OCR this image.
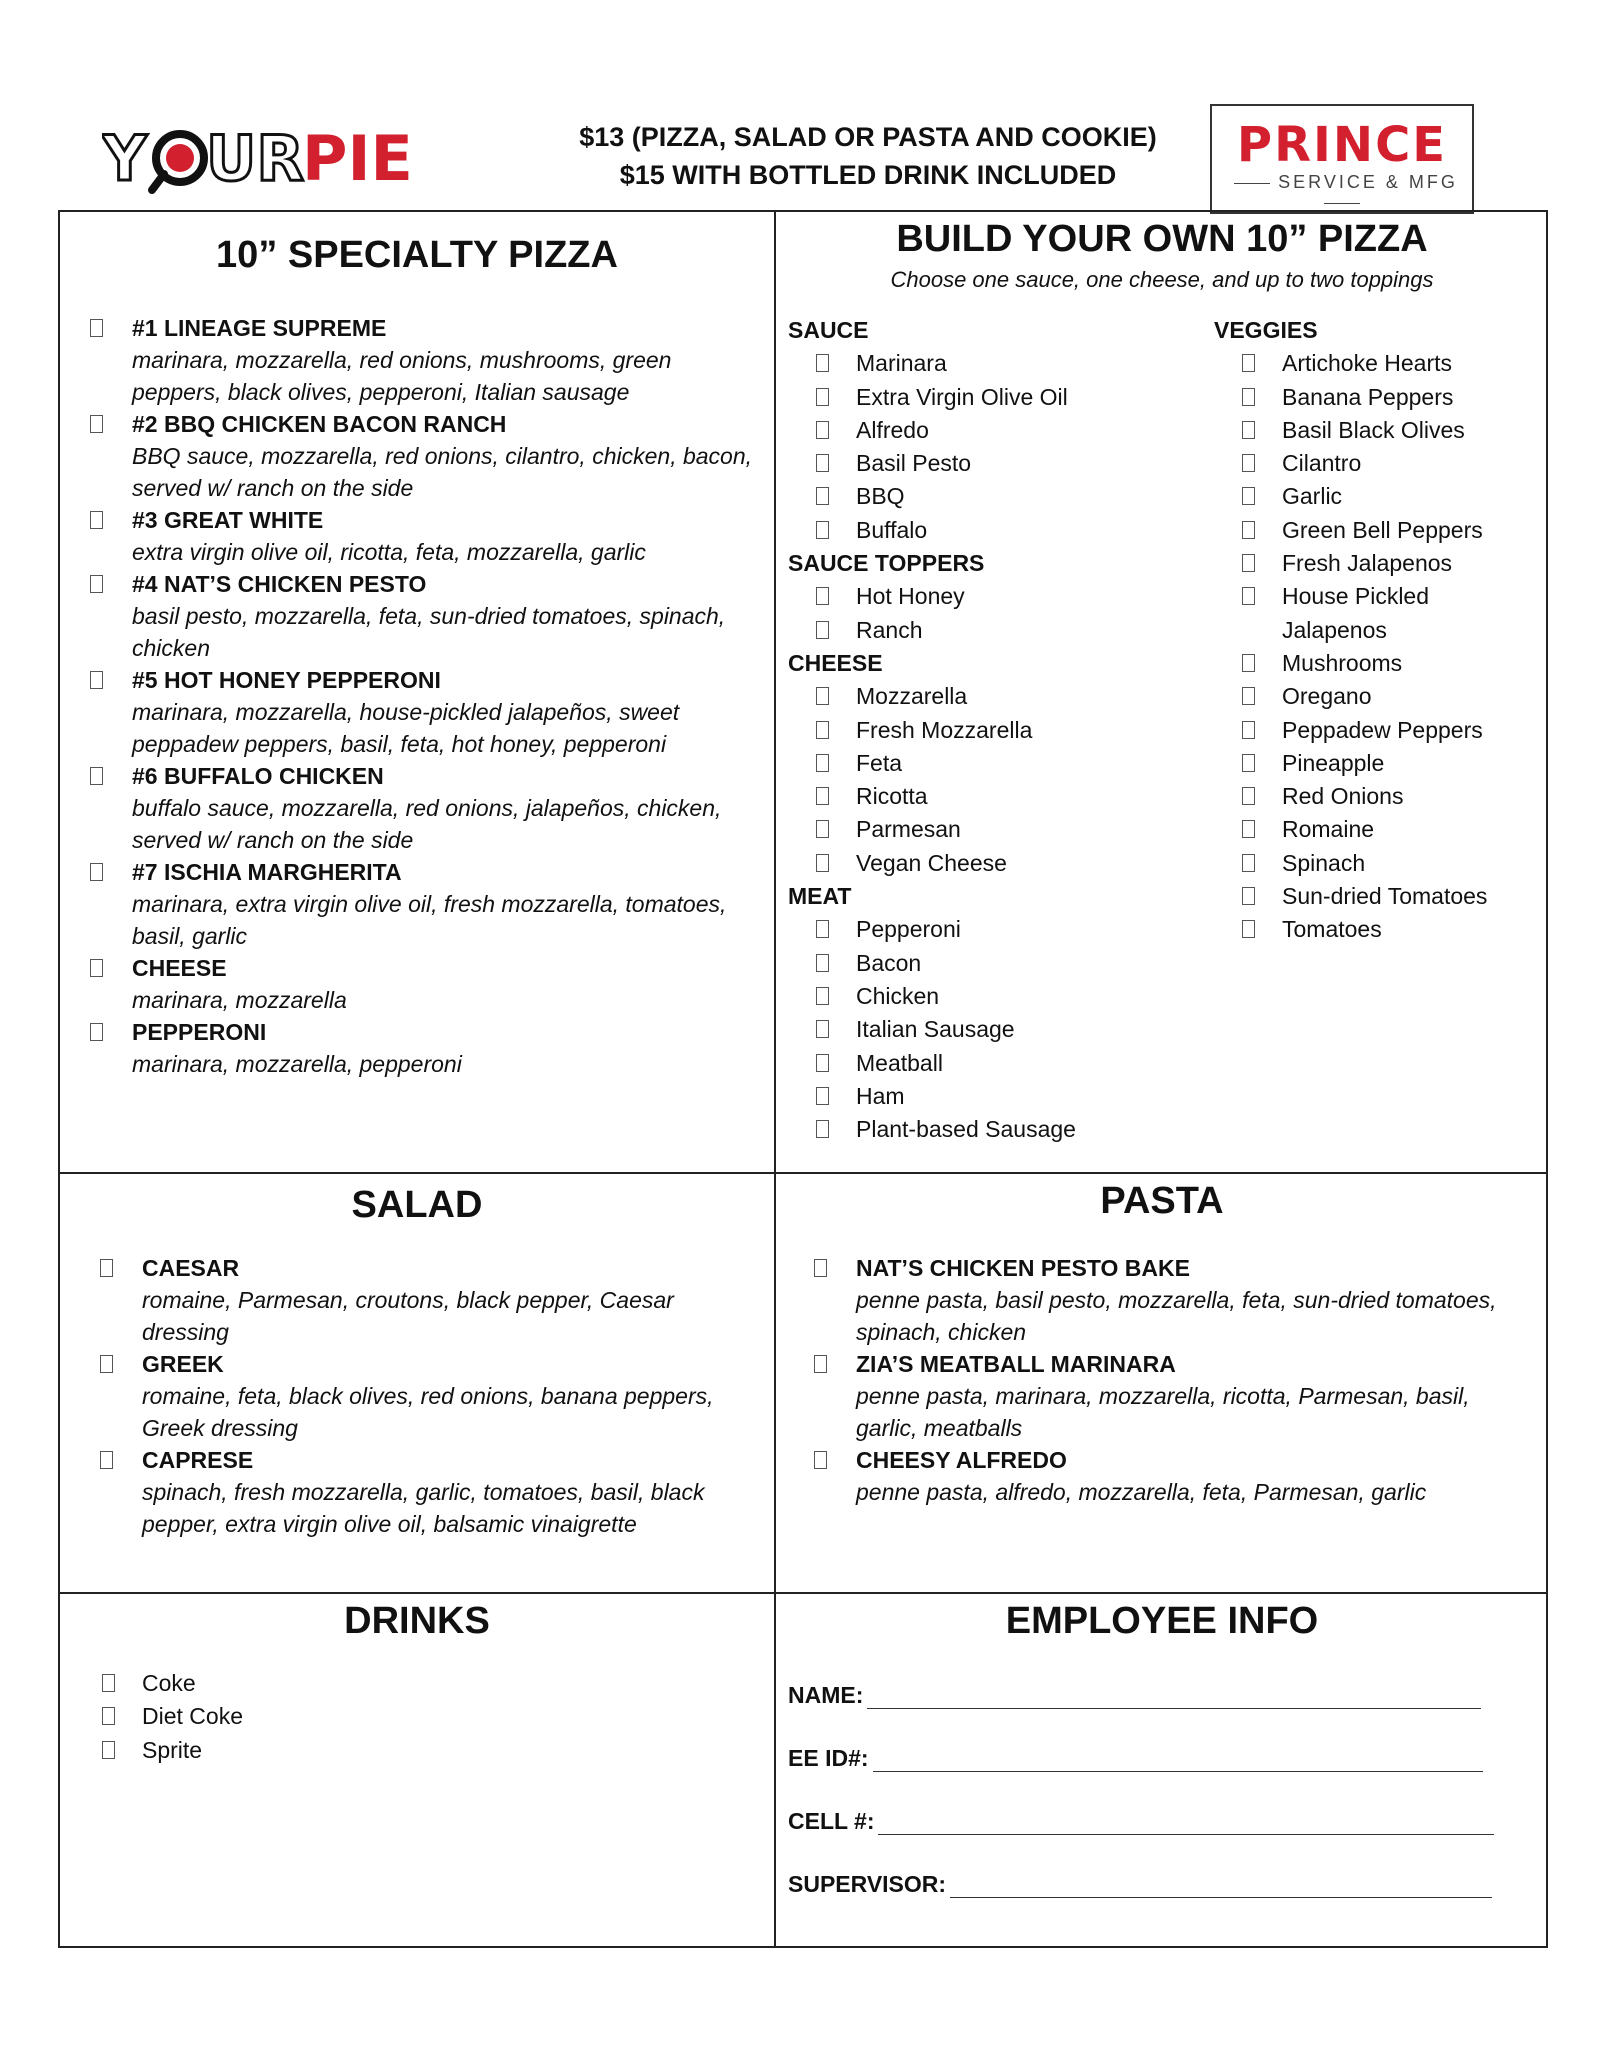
Y UR
PIE	$13 (PIZZA, SALAD OR PASTA AND COOKIE)
$15 WITH BOTTLED DRINK INCLUDED
PRINCE
SERVICE & MFG
10” SPECIALTY PIZZA
#1 LINEAGE SUPREME
marinara, mozzarella, red onions, mushrooms, green peppers, black olives, pepperoni, Italian sausage
#2 BBQ CHICKEN BACON RANCH
BBQ sauce, mozzarella, red onions, cilantro, chicken, bacon, served w/ ranch on the side
#3 GREAT WHITE
extra virgin olive oil, ricotta, feta, mozzarella, garlic
#4 NAT’S CHICKEN PESTO
basil pesto, mozzarella, feta, sun-dried tomatoes, spinach, chicken
#5 HOT HONEY PEPPERONI
marinara, mozzarella, house-pickled jalapeños, sweet peppadew peppers, basil, feta, hot honey, pepperoni
#6 BUFFALO CHICKEN
buffalo sauce, mozzarella, red onions, jalapeños, chicken, served w/ ranch on the side
#7 ISCHIA MARGHERITA
marinara, extra virgin olive oil, fresh mozzarella, tomatoes, basil, garlic
CHEESE
marinara, mozzarella
PEPPERONI
marinara, mozzarella, pepperoni
BUILD YOUR OWN 10” PIZZA
Choose one sauce, one cheese, and up to two toppings
SAUCE
Marinara
Extra Virgin Olive Oil
Alfredo
Basil Pesto
BBQ
Buffalo
SAUCE TOPPERS
Hot Honey
Ranch
CHEESE
Mozzarella
Fresh Mozzarella
Feta
Ricotta
Parmesan
Vegan Cheese
MEAT
Pepperoni
Bacon
Chicken
Italian Sausage
Meatball
Ham
Plant-based Sausage
VEGGIES
Artichoke Hearts
Banana Peppers
Basil Black Olives
Cilantro
Garlic
Green Bell Peppers
Fresh Jalapenos
House Pickled
Jalapenos
Mushrooms
Oregano
Peppadew Peppers
Pineapple
Red Onions
Romaine
Spinach
Sun-dried Tomatoes
Tomatoes
SALAD
CAESAR
romaine, Parmesan, croutons, black pepper, Caesar dressing
GREEK
romaine, feta, black olives, red onions, banana peppers, Greek dressing
CAPRESE
spinach, fresh mozzarella, garlic, tomatoes, basil, black pepper, extra virgin olive oil, balsamic vinaigrette
PASTA
NAT’S CHICKEN PESTO BAKE
penne pasta, basil pesto, mozzarella, feta, sun-dried tomatoes, spinach, chicken
ZIA’S MEATBALL MARINARA
penne pasta, marinara, mozzarella, ricotta, Parmesan, basil, garlic, meatballs
CHEESY ALFREDO
penne pasta, alfredo, mozzarella, feta, Parmesan, garlic
DRINKS
Coke
Diet Coke
Sprite
EMPLOYEE INFO
NAME:
EE ID#:
CELL #:
SUPERVISOR:
